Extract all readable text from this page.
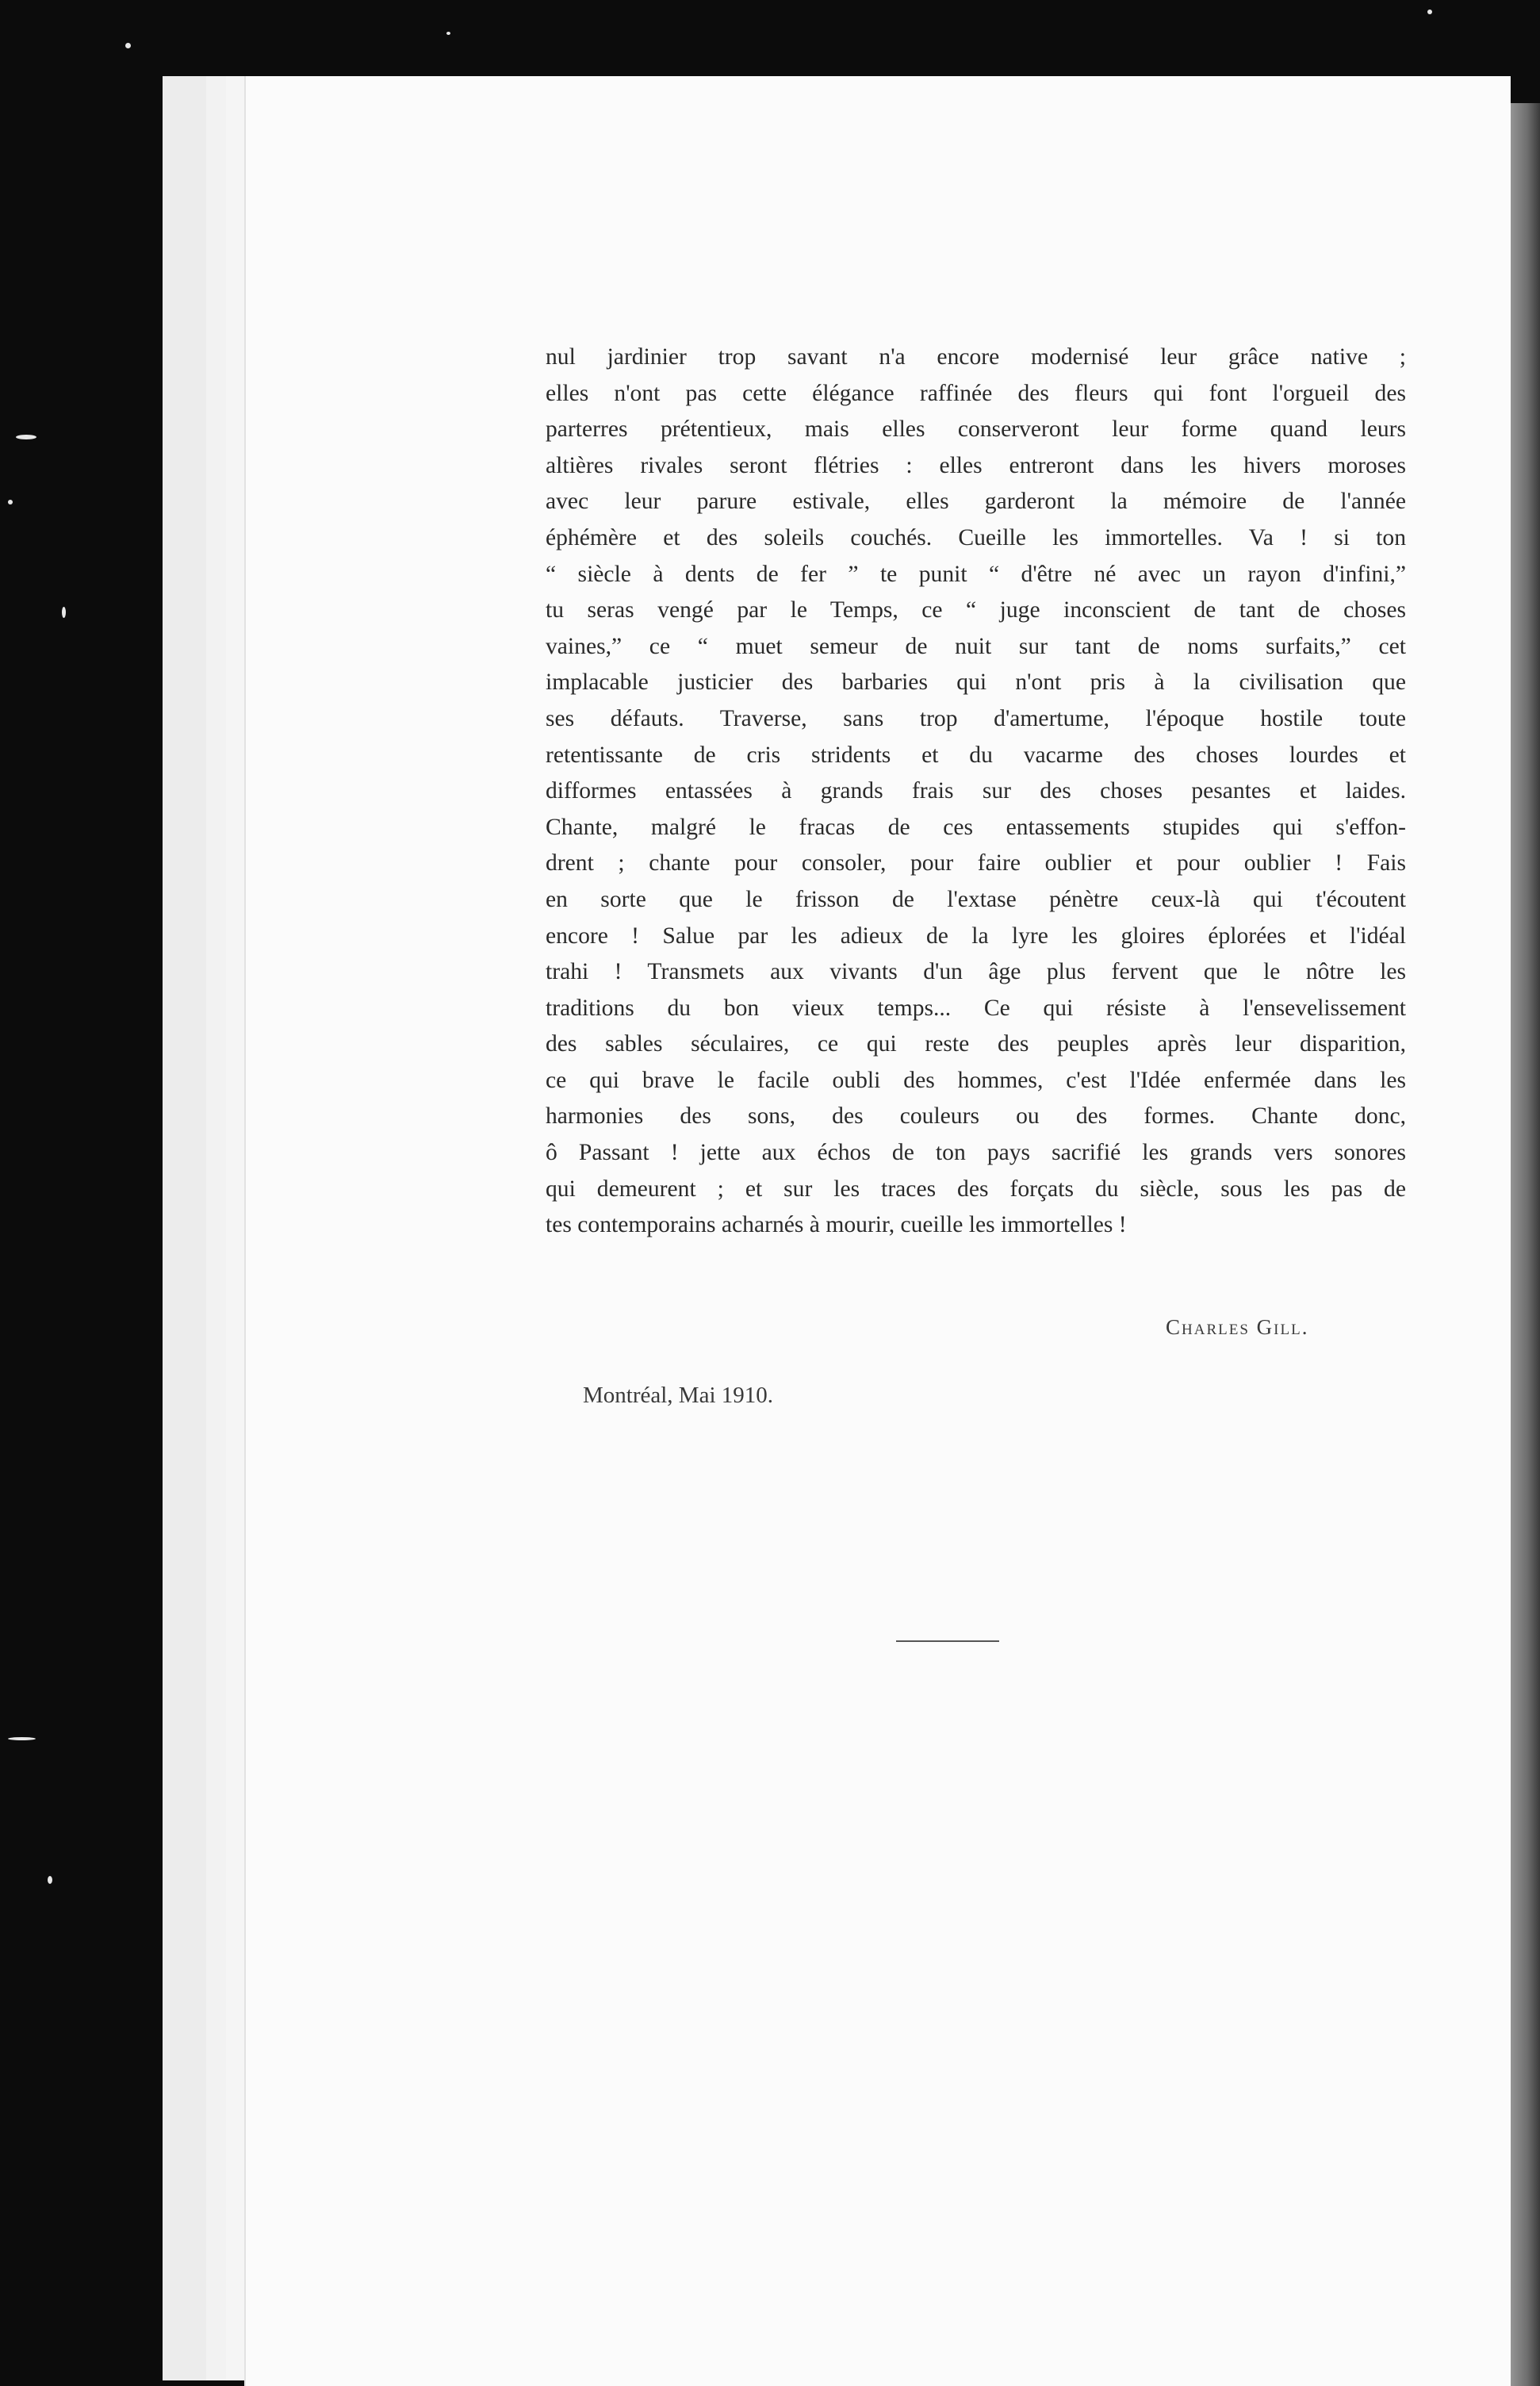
nul jardinier trop savant n'a encore modernisé leur grâce native ;
elles n'ont pas cette élégance raffinée des fleurs qui font l'orgueil des
parterres prétentieux, mais elles conserveront leur forme quand leurs
altières rivales seront flétries : elles entreront dans les hivers moroses
avec leur parure estivale, elles garderont la mémoire de l'année
éphémère et des soleils couchés. Cueille les immortelles. Va ! si ton
“ siècle à dents de fer ” te punit “ d'être né avec un rayon d'infini,”
tu seras vengé par le Temps, ce “ juge inconscient de tant de choses
vaines,” ce “ muet semeur de nuit sur tant de noms surfaits,” cet
implacable justicier des barbaries qui n'ont pris à la civilisation que
ses défauts. Traverse, sans trop d'amertume, l'époque hostile toute
retentissante de cris stridents et du vacarme des choses lourdes et
difformes entassées à grands frais sur des choses pesantes et laides.
Chante, malgré le fracas de ces entassements stupides qui s'effon-
drent ; chante pour consoler, pour faire oublier et pour oublier ! Fais
en sorte que le frisson de l'extase pénètre ceux-là qui t'écoutent
encore ! Salue par les adieux de la lyre les gloires éplorées et l'idéal
trahi ! Transmets aux vivants d'un âge plus fervent que le nôtre les
traditions du bon vieux temps... Ce qui résiste à l'ensevelissement
des sables séculaires, ce qui reste des peuples après leur disparition,
ce qui brave le facile oubli des hommes, c'est l'Idée enfermée dans les
harmonies des sons, des couleurs ou des formes. Chante donc,
ô Passant ! jette aux échos de ton pays sacrifié les grands vers sonores
qui demeurent ; et sur les traces des forçats du siècle, sous les pas de
tes contemporains acharnés à mourir, cueille les immortelles !
Charles Gill.
Montréal, Mai 1910.
